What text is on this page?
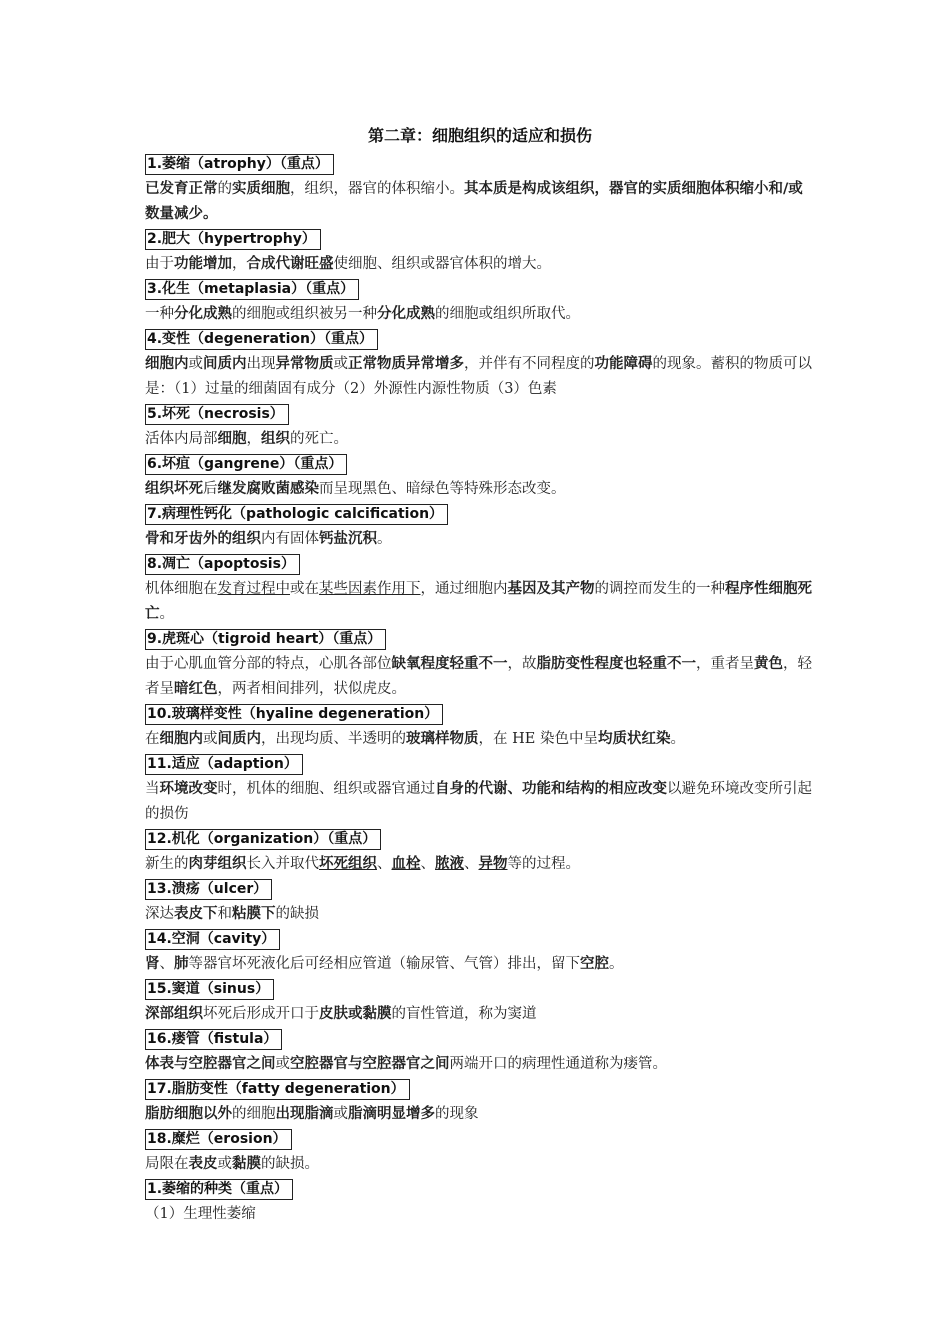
第二章：细胞组织的适应和损伤
1.萎缩（atrophy）（重点）

已发育正常的实质细胞，组织，器官的体积缩小。其本质是构成该组织，器官的实质细胞体积缩小和/或数量减少。

2.肥大（hypertrophy）

由于功能增加，合成代谢旺盛使细胞、组织或器官体积的增大。

3.化生（metaplasia）（重点）

一种分化成熟的细胞或组织被另一种分化成熟的细胞或组织所取代。

4.变性（degeneration）（重点）

细胞内或间质内出现异常物质或正常物质异常增多，并伴有不同程度的功能障碍的现象。蓄积的物质可以是：（1）过量的细菌固有成分（2）外源性内源性物质（3）色素

5.坏死（necrosis）

活体内局部细胞，组织的死亡。

6.坏疽（gangrene）（重点）

组织坏死后继发腐败菌感染而呈现黑色、暗绿色等特殊形态改变。

7.病理性钙化（pathologic calcification）

骨和牙齿外的组织内有固体钙盐沉积。

8.凋亡（apoptosis）

机体细胞在发育过程中或在某些因素作用下，通过细胞内基因及其产物的调控而发生的一种程序性细胞死亡。

9.虎斑心（tigroid heart）（重点）

由于心肌血管分部的特点，心肌各部位缺氧程度轻重不一，故脂肪变性程度也轻重不一，重者呈黄色，轻者呈暗红色，两者相间排列，状似虎皮。

10.玻璃样变性（hyaline degeneration）

在细胞内或间质内，出现均质、半透明的玻璃样物质，在 HE 染色中呈均质状红染。

11.适应（adaption）

当环境改变时，机体的细胞、组织或器官通过自身的代谢、功能和结构的相应改变以避免环境改变所引起的损伤

12.机化（organization）（重点）

新生的肉芽组织长入并取代坏死组织、血栓、脓液、异物等的过程。

13.溃疡（ulcer）

深达表皮下和粘膜下的缺损

14.空洞（cavity）

肾、肺等器官坏死液化后可经相应管道（输尿管、气管）排出，留下空腔。

15.窦道（sinus）

深部组织坏死后形成开口于皮肤或黏膜的盲性管道，称为窦道

16.瘘管（fistula）

体表与空腔器官之间或空腔器官与空腔器官之间两端开口的病理性通道称为瘘管。

17.脂肪变性（fatty degeneration）

脂肪细胞以外的细胞出现脂滴或脂滴明显增多的现象

18.糜烂（erosion）

局限在表皮或黏膜的缺损。

1.萎缩的种类（重点）

（1）生理性萎缩
